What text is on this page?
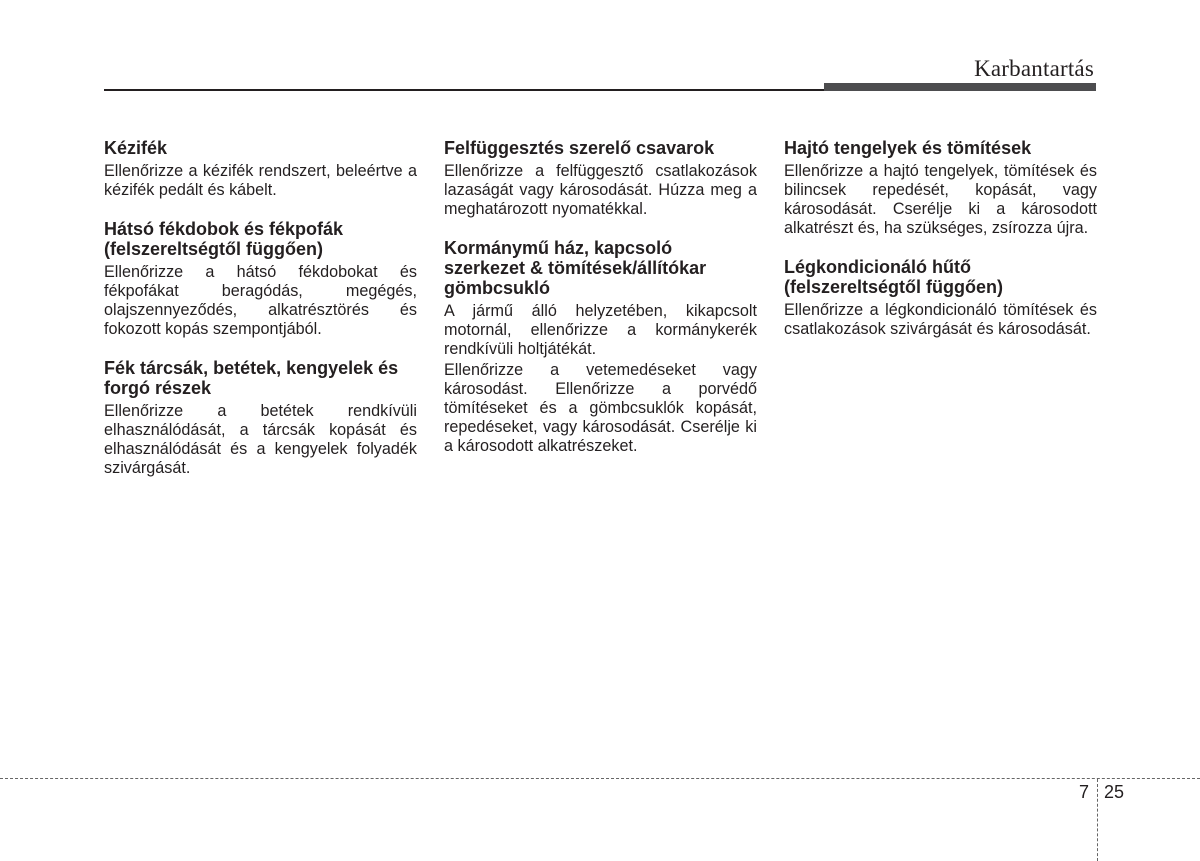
Karbantartás
Kézifék
Ellenőrizze a kézifék rendszert, beleértve a kézifék pedált és kábelt.
Hátsó fékdobok és fékpofák (felszereltségtől függően)
Ellenőrizze a hátsó fékdobokat és fékpofákat beragódás, megégés, olajszennyeződés, alkatrésztörés és fokozott kopás szempontjából.
Fék tárcsák, betétek, kengyelek és forgó részek
Ellenőrizze a betétek rendkívüli elhasználódását, a tárcsák kopását és elhasználódását és a kengyelek folyadék szivárgását.
Felfüggesztés szerelő csavarok
Ellenőrizze a felfüggesztő csatlakozások lazaságát vagy károsodását. Húzza meg a meghatározott nyomatékkal.
Kormánymű ház, kapcsoló szerkezet & tömítések/állítókar gömbcsukló
A jármű álló helyzetében, kikapcsolt motornál, ellenőrizze a kormánykerék rendkívüli holtjátékát.
Ellenőrizze a vetemedéseket vagy károsodást. Ellenőrizze a porvédő tömítéseket és a gömbcsuklók kopását, repedéseket, vagy károsodását. Cserélje ki a károsodott alkatrészeket.
Hajtó tengelyek és tömítések
Ellenőrizze a hajtó tengelyek, tömítések és bilincsek repedését, kopását, vagy károsodását. Cserélje ki a károsodott alkatrészt és, ha szükséges, zsírozza újra.
Légkondicionáló hűtő (felszereltségtől függően)
Ellenőrizze a légkondicionáló tömítések és csatlakozások szivárgását és károsodását.
7 25
